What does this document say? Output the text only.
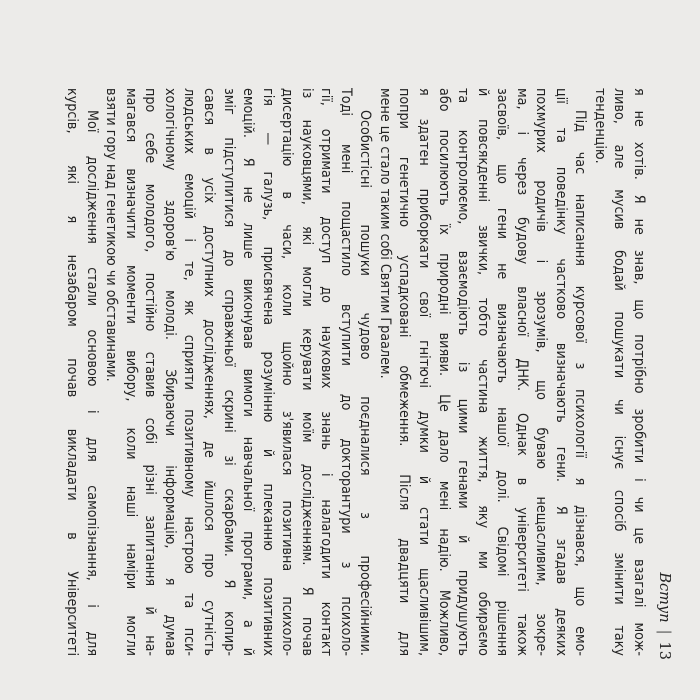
Вступ|13
я не хотів. Я не знав, що потрібно зробити і чи це взагалі мож-
ливо, але мусив бодай пошукати чи існує спосіб змінити таку
тенденцію.
Під час написання курсової з психології я дізнався, що емо-
ції та поведінку частково визначають гени. Я згадав деяких
похмурих родичів і зрозумів, що буваю нещасливим, зокре-
ма, і через будову власної ДНК. Однак в університеті також
засвоїв, що гени не визначають нашої долі. Свідомі рішення
й повсякденні звички, тобто частина життя, яку ми обираємо
та контролюємо, взаємодіють із цими генами й придушують
або посилюють їх природні вияви. Це дало мені надію. Можливо,
я здатен приборкати свої гнітючі думки й стати щасливішим,
попри генетично успадковані обмеження. Після двадцяти для
мене це стало таким собі Святим Граалем.
Особистісні пошуки чудово поєдналися з професійними.
Тоді мені пощастило вступити до докторантури з психоло-
гії, отримати доступ до наукових знань і налагодити контакт
із науковцями, які могли керувати моїм дослідженням. Я почав
дисертацію в часи, коли щойно з'явилася позитивна психоло-
гія — галузь, присвячена розумінню й плеканню позитивних
емоцій. Я не лише виконував вимоги навчальної програми, а й
зміг підступитися до справжньої скрині зі скарбами. Я копир-
сався в усіх доступних дослідженнях, де йшлося про сутність
людських емоцій і те, як сприяти позитивному настрою та пси-
хологічному здоров'ю молоді. Збираючи інформацію, я думав
про себе молодого, постійно ставив собі різні запитання й на-
магався визначити моменти вибору, коли наші наміри могли
взяти гору над генетикою чи обставинами.
Мої дослідження стали основою і для самопізнання, і для
курсів, які я незабаром почав викладати в Університеті
